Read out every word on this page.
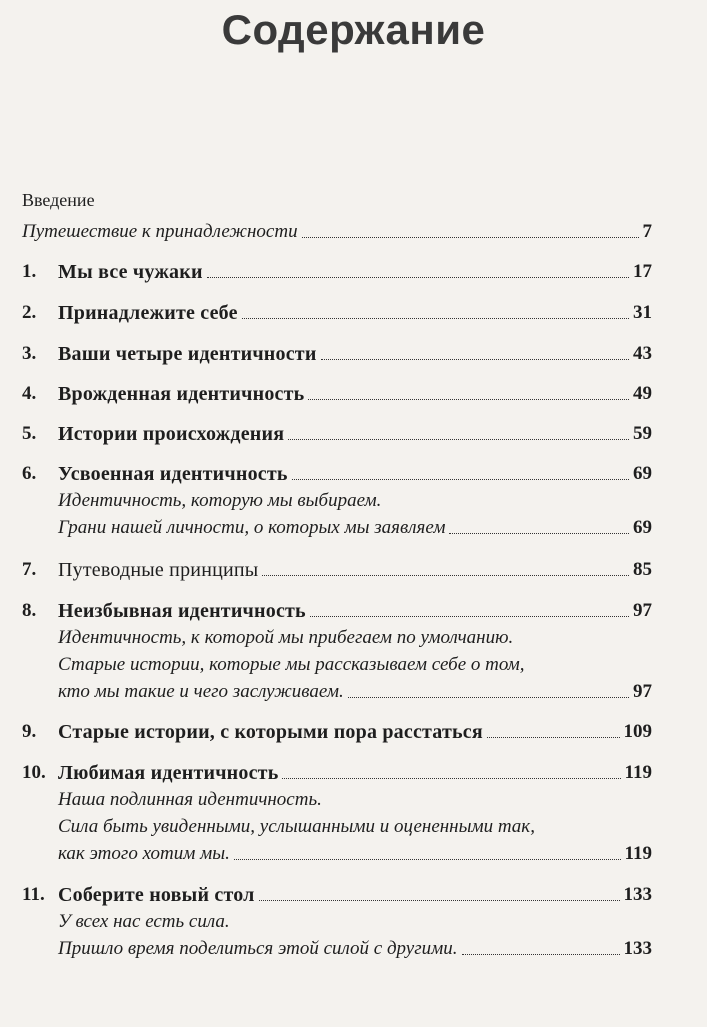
Содержание
Введение
Путешествие к принадлежности	7
1.	Мы все чужаки	17
2.	Принадлежите себе	31
3.	Ваши четыре идентичности	43
4.	Врожденная идентичность	49
5.	Истории происхождения	59
6.	Усвоенная идентичность	69
Идентичность, которую мы выбираем.
Грани нашей личности, о которых мы заявляем	69
7.	Путеводные принципы	85
8.	Неизбывная идентичность	97
Идентичность, к которой мы прибегаем по умолчанию.
Старые истории, которые мы рассказываем себе о том,
кто мы такие и чего заслуживаем.	97
9.	Старые истории, с которыми пора расстаться	109
10. Любимая идентичность	119
Наша подлинная идентичность.
Сила быть увиденными, услышанными и оцененными так,
как этого хотим мы.	119
11. Соберите новый стол	133
У всех нас есть сила.
Пришло время поделиться этой силой с другими.	133
